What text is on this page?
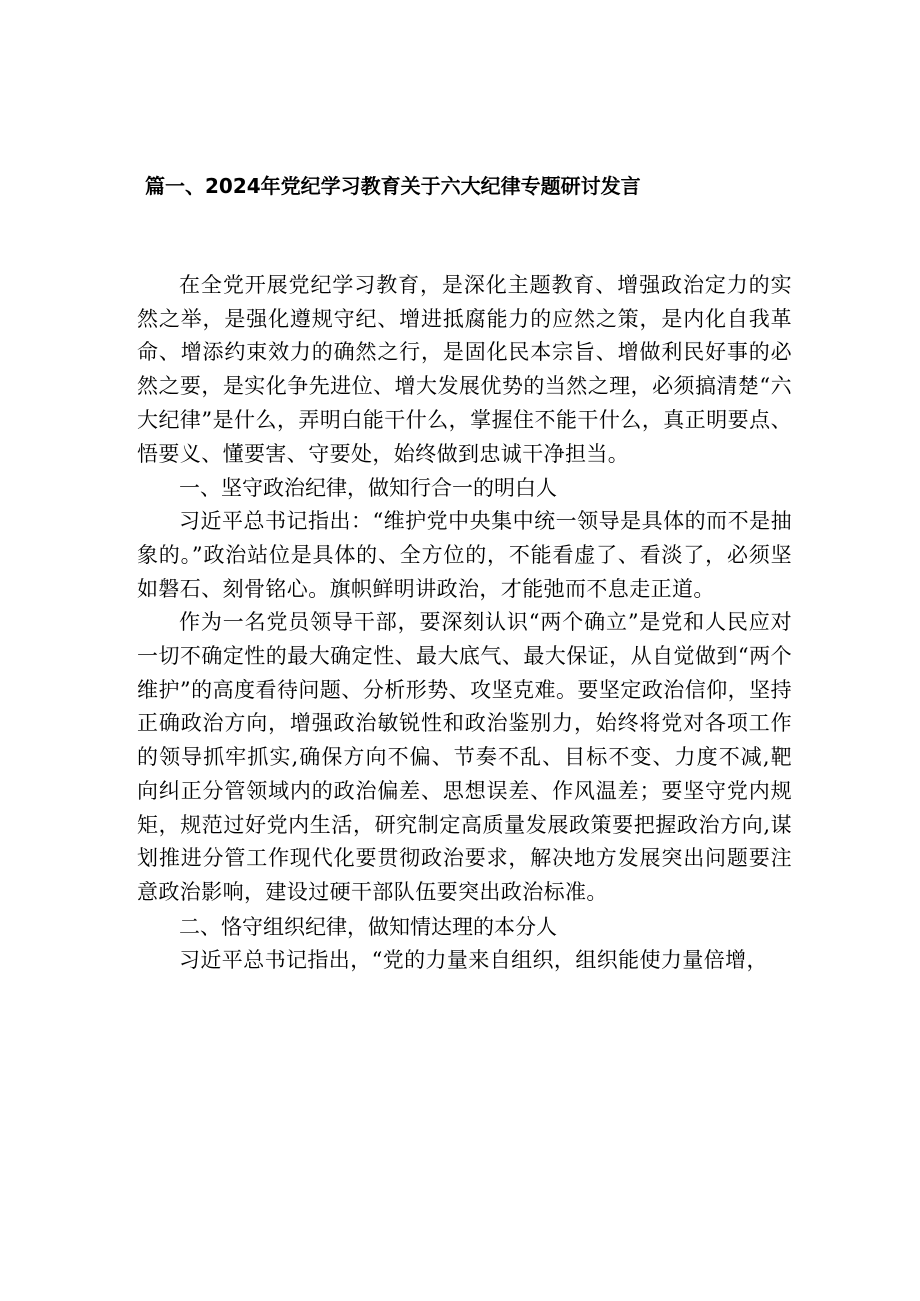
篇一、2024年党纪学习教育关于六大纪律专题研讨发言

在全党开展党纪学习教育，是深化主题教育、增强政治定力的实然之举，是强化遵规守纪、增进抵腐能力的应然之策，是内化自我革命、增添约束效力的确然之行，是固化民本宗旨、增做利民好事的必然之要，是实化争先进位、增大发展优势的当然之理，必须搞清楚“六大纪律”是什么，弄明白能干什么，掌握住不能干什么，真正明要点、悟要义、懂要害、守要处，始终做到忠诚干净担当。

一、坚守政治纪律，做知行合一的明白人

习近平总书记指出：“维护党中央集中统一领导是具体的而不是抽象的。”政治站位是具体的、全方位的，不能看虚了、看淡了，必须坚如磐石、刻骨铭心。旗帜鲜明讲政治，才能弛而不息走正道。

作为一名党员领导干部，要深刻认识“两个确立”是党和人民应对一切不确定性的最大确定性、最大底气、最大保证，从自觉做到“两个维护”的高度看待问题、分析形势、攻坚克难。要坚定政治信仰，坚持正确政治方向，增强政治敏锐性和政治鉴别力，始终将党对各项工作的领导抓牢抓实,确保方向不偏、节奏不乱、目标不变、力度不减,靶向纠正分管领域内的政治偏差、思想误差、作风温差；要坚守党内规矩，规范过好党内生活，研究制定高质量发展政策要把握政治方向,谋划推进分管工作现代化要贯彻政治要求，解决地方发展突出问题要注意政治影响，建设过硬干部队伍要突出政治标准。

二、恪守组织纪律，做知情达理的本分人

习近平总书记指出，“党的力量来自组织，组织能使力量倍增，
